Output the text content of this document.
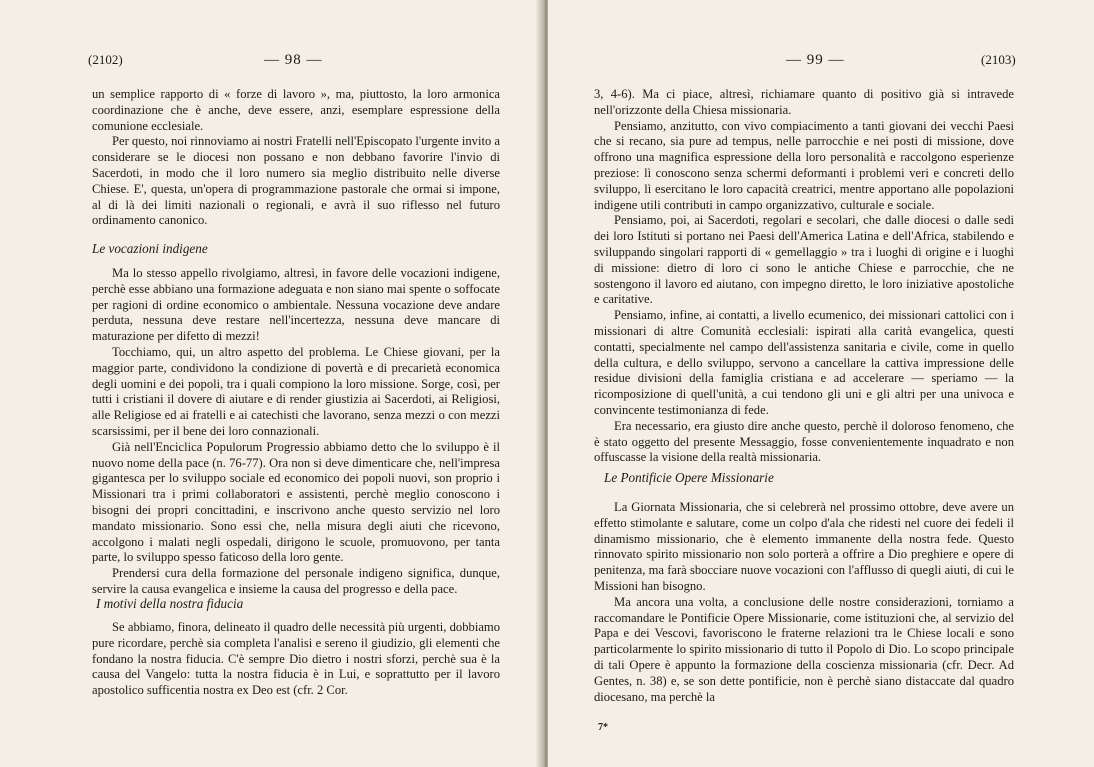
(2102)	— 98 —

un semplice rapporto di « forze di lavoro », ma, piuttosto, la loro armonica coordinazione che è anche, deve essere, anzi, esemplare espressione della comunione ecclesiale.

Per questo, noi rinnoviamo ai nostri Fratelli nell'Episcopato l'urgente invito a considerare se le diocesi non possano e non debbano favorire l'invio di Sacerdoti, in modo che il loro numero sia meglio distribuito nelle diverse Chiese. E', questa, un'opera di programmazione pastorale che ormai si impone, al di là dei limiti nazionali o regionali, e avrà il suo riflesso nel futuro ordinamento canonico.

Le vocazioni indigene

Ma lo stesso appello rivolgiamo, altresì, in favore delle vocazioni indigene, perchè esse abbiano una formazione adeguata e non siano mai spente o soffocate per ragioni di ordine economico o ambientale. Nessuna vocazione deve andare perduta, nessuna deve restare nell'incertezza, nessuna deve mancare di maturazione per difetto di mezzi!

Tocchiamo, qui, un altro aspetto del problema. Le Chiese giovani, per la maggior parte, condividono la condizione di povertà e di precarietà economica degli uomini e dei popoli, tra i quali compiono la loro missione. Sorge, così, per tutti i cristiani il dovere di aiutare e di render giustizia ai Sacerdoti, ai Religiosi, alle Religiose ed ai fratelli e ai catechisti che lavorano, senza mezzi o con mezzi scarsissimi, per il bene dei loro connazionali.

Già nell'Enciclica Populorum Progressio abbiamo detto che lo sviluppo è il nuovo nome della pace (n. 76-77). Ora non si deve dimenticare che, nell'impresa gigantesca per lo sviluppo sociale ed economico dei popoli nuovi, son proprio i Missionari tra i primi collaboratori e assistenti, perchè meglio conoscono i bisogni dei propri concittadini, e inscrivono anche questo servizio nel loro mandato missionario. Sono essi che, nella misura degli aiuti che ricevono, accolgono i malati negli ospedali, dirigono le scuole, promuovono, per tanta parte, lo sviluppo spesso faticoso della loro gente.

Prendersi cura della formazione del personale indigeno significa, dunque, servire la causa evangelica e insieme la causa del progresso e della pace.

I motivi della nostra fiducia

Se abbiamo, finora, delineato il quadro delle necessità più urgenti, dobbiamo pure ricordare, perchè sia completa l'analisi e sereno il giudizio, gli elementi che fondano la nostra fiducia. C'è sempre Dio dietro i nostri sforzi, perchè sua è la causa del Vangelo: tutta la nostra fiducia è in Lui, e soprattutto per il lavoro apostolico sufficentia nostra ex Deo est (cfr. 2 Cor.

— 99 —	(2103)

3, 4-6). Ma ci piace, altresì, richiamare quanto di positivo già si intravede nell'orizzonte della Chiesa missionaria.

Pensiamo, anzitutto, con vivo compiacimento a tanti giovani dei vecchi Paesi che si recano, sia pure ad tempus, nelle parrocchie e nei posti di missione, dove offrono una magnifica espressione della loro personalità e raccolgono esperienze preziose: lì conoscono senza schermi deformanti i problemi veri e concreti dello sviluppo, lì esercitano le loro capacità creatrici, mentre apportano alle popolazioni indigene utili contributi in campo organizzativo, culturale e sociale.

Pensiamo, poi, ai Sacerdoti, regolari e secolari, che dalle diocesi o dalle sedi dei loro Istituti si portano nei Paesi dell'America Latina e dell'Africa, stabilendo e sviluppando singolari rapporti di « gemellaggio » tra i luoghi di origine e i luoghi di missione: dietro di loro ci sono le antiche Chiese e parrocchie, che ne sostengono il lavoro ed aiutano, con impegno diretto, le loro iniziative apostoliche e caritative.

Pensiamo, infine, ai contatti, a livello ecumenico, dei missionari cattolici con i missionari di altre Comunità ecclesiali: ispirati alla carità evangelica, questi contatti, specialmente nel campo dell'assistenza sanitaria e civile, come in quello della cultura, e dello sviluppo, servono a cancellare la cattiva impressione delle residue divisioni della famiglia cristiana e ad accelerare — speriamo — la ricomposizione di quell'unità, a cui tendono gli uni e gli altri per una univoca e convincente testimonianza di fede.

Era necessario, era giusto dire anche questo, perchè il doloroso fenomeno, che è stato oggetto del presente Messaggio, fosse convenientemente inquadrato e non offuscasse la visione della realtà missionaria.

Le Pontificie Opere Missionarie

La Giornata Missionaria, che si celebrerà nel prossimo ottobre, deve avere un effetto stimolante e salutare, come un colpo d'ala che ridesti nel cuore dei fedeli il dinamismo missionario, che è elemento immanente della nostra fede. Questo rinnovato spirito missionario non solo porterà a offrire a Dio preghiere e opere di penitenza, ma farà sbocciare nuove vocazioni con l'afflusso di quegli aiuti, di cui le Missioni han bisogno.

Ma ancora una volta, a conclusione delle nostre considerazioni, torniamo a raccomandare le Pontificie Opere Missionarie, come istituzioni che, al servizio del Papa e dei Vescovi, favoriscono le fraterne relazioni tra le Chiese locali e sono particolarmente lo spirito missionario di tutto il Popolo di Dio. Lo scopo principale di tali Opere è appunto la formazione della coscienza missionaria (cfr. Decr. Ad Gentes, n. 38) e, se son dette pontificie, non è perchè siano distaccate dal quadro diocesano, ma perchè la

7*
